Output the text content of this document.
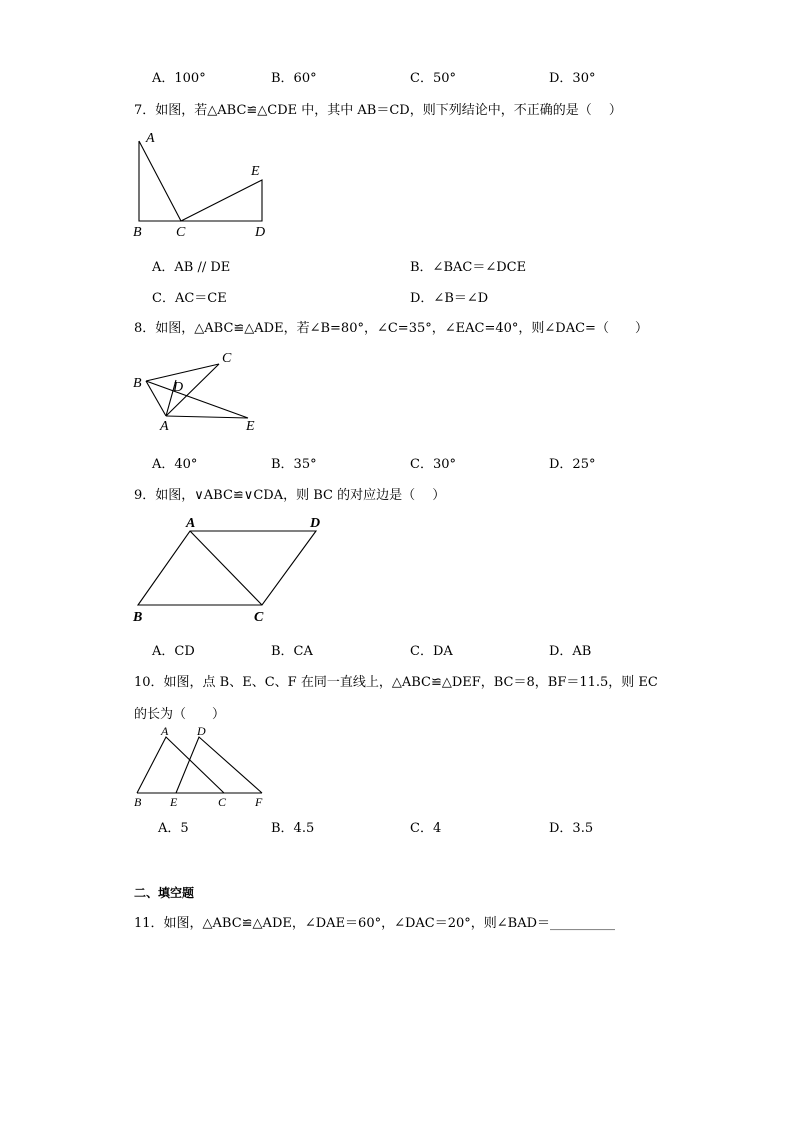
A．100°	B．60°	C．50°	D．30°
7．如图，若△ABC≌△CDE 中，其中 AB＝CD，则下列结论中，不正确的是（　 ）
A
B C	D
E
A．AB // DE	B．∠BAC＝∠DCE
C．AC＝CE	D．∠B＝∠D
8．如图，△ABC≌△ADE，若∠B=80°，∠C=35°，∠EAC=40°，则∠DAC=（　　）
B
C
D
A	E
A．40°	B．35°	C．30°	D．25°
9．如图，∨ABC≌∨CDA，则 BC 的对应边是（　 ）
A	D
B	C
A．CD	B．CA	C．DA	D．AB
10．如图，点 B、E、C、F 在同一直线上，△ABC≌△DEF，BC＝8，BF＝11.5，则 EC
的长为（　　）
A D
B E	C F
A．5	B．4.5	C．4	D．3.5
二、填空题
11．如图，△ABC≌△ADE，∠DAE＝60°，∠DAC＝20°，则∠BAD＝__________
